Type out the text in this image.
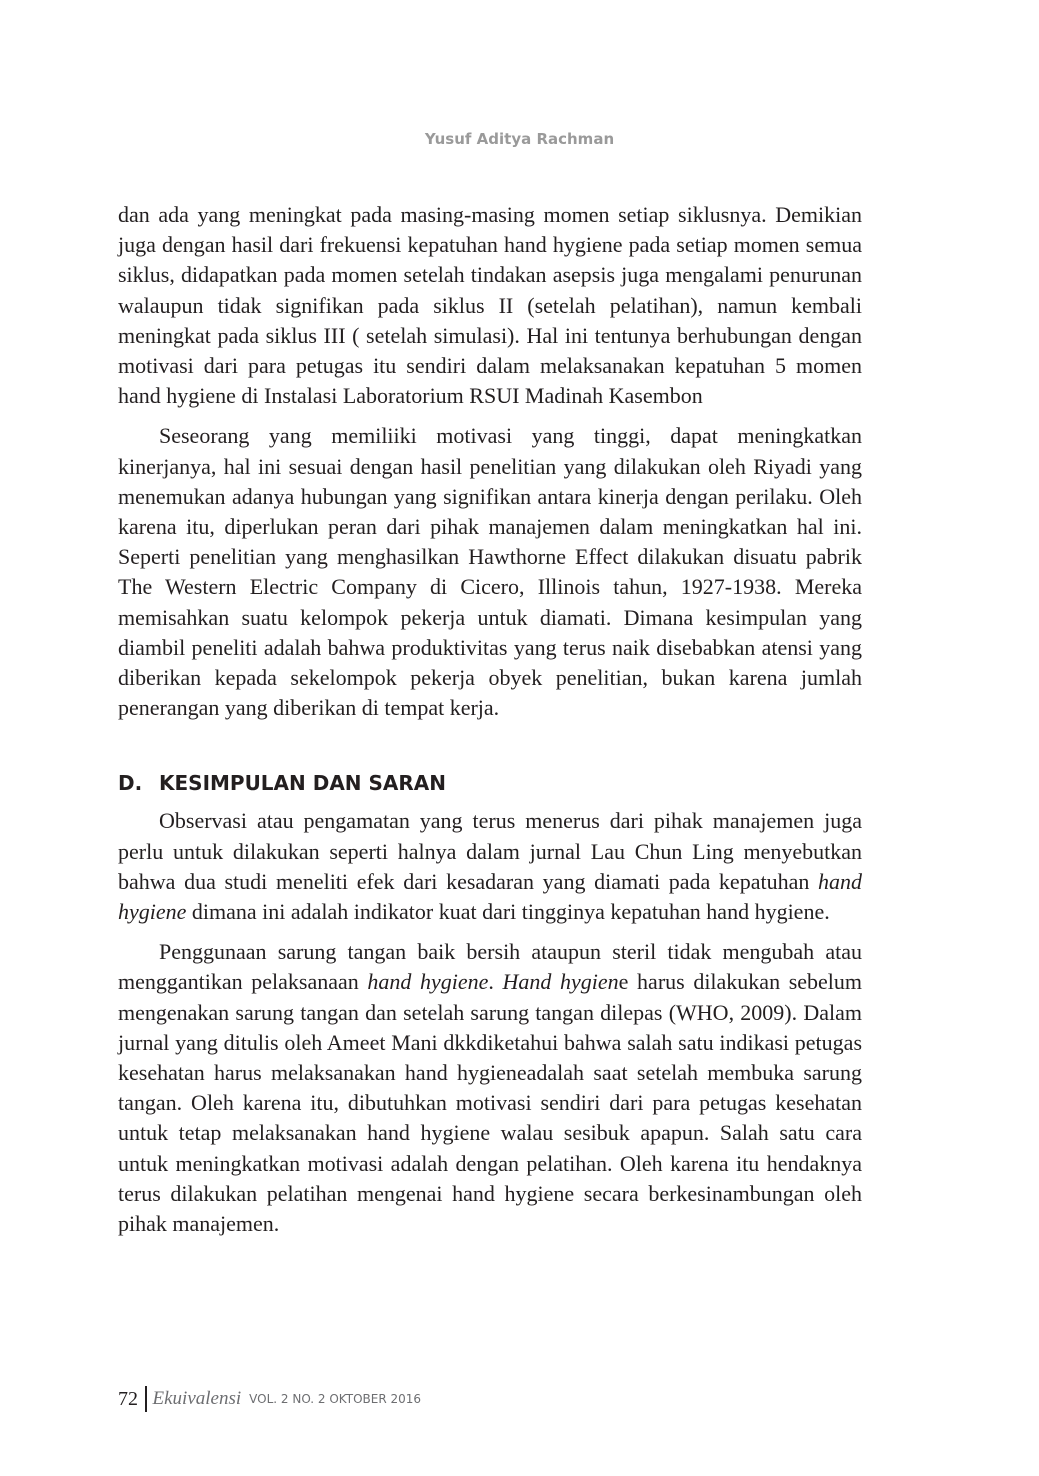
Yusuf Aditya Rachman

dan ada yang meningkat pada masing-masing momen setiap siklusnya. Demikian juga dengan hasil dari frekuensi kepatuhan hand hygiene pada setiap momen semua siklus, didapatkan pada momen setelah tindakan asepsis juga mengalami penurunan walaupun tidak signifikan pada siklus II (setelah pelatihan), namun kembali meningkat pada siklus III ( setelah simulasi). Hal ini tentunya berhubungan dengan motivasi dari para petugas itu sendiri dalam melaksanakan kepatuhan 5 momen hand hygiene di Instalasi Laboratorium RSUI Madinah Kasembon

Seseorang yang memiliiki motivasi yang tinggi, dapat meningkatkan kinerjanya, hal ini sesuai dengan hasil penelitian yang dilakukan oleh Riyadi yang menemukan adanya hubungan yang signifikan antara kinerja dengan perilaku. Oleh karena itu, diperlukan peran dari pihak manajemen dalam meningkatkan hal ini. Seperti penelitian yang menghasilkan Hawthorne Effect dilakukan disuatu pabrik The Western Electric Company di Cicero, Illinois tahun, 1927-1938. Mereka memisahkan suatu kelompok pekerja untuk diamati. Dimana kesimpulan yang diambil peneliti adalah bahwa produktivitas yang terus naik disebabkan atensi yang diberikan kepada sekelompok pekerja obyek penelitian, bukan karena jumlah penerangan yang diberikan di tempat kerja.

D. KESIMPULAN DAN SARAN

Observasi atau pengamatan yang terus menerus dari pihak manajemen juga perlu untuk dilakukan seperti halnya dalam jurnal Lau Chun Ling menyebutkan bahwa dua studi meneliti efek dari kesadaran yang diamati pada kepatuhan hand hygiene dimana ini adalah indikator kuat dari tingginya kepatuhan hand hygiene.

Penggunaan sarung tangan baik bersih ataupun steril tidak mengubah atau menggantikan pelaksanaan hand hygiene. Hand hygiene harus dilakukan sebelum mengenakan sarung tangan dan setelah sarung tangan dilepas (WHO, 2009). Dalam jurnal yang ditulis oleh Ameet Mani dkkdiketahui bahwa salah satu indikasi petugas kesehatan harus melaksanakan hand hygieneadalah saat setelah membuka sarung tangan. Oleh karena itu, dibutuhkan motivasi sendiri dari para petugas kesehatan untuk tetap melaksanakan hand hygiene walau sesibuk apapun. Salah satu cara untuk meningkatkan motivasi adalah dengan pelatihan. Oleh karena itu hendaknya terus dilakukan pelatihan mengenai hand hygiene secara berkesinambungan oleh pihak manajemen.

72 Ekuivalensi VOL. 2 NO. 2 OKTOBER 2016
